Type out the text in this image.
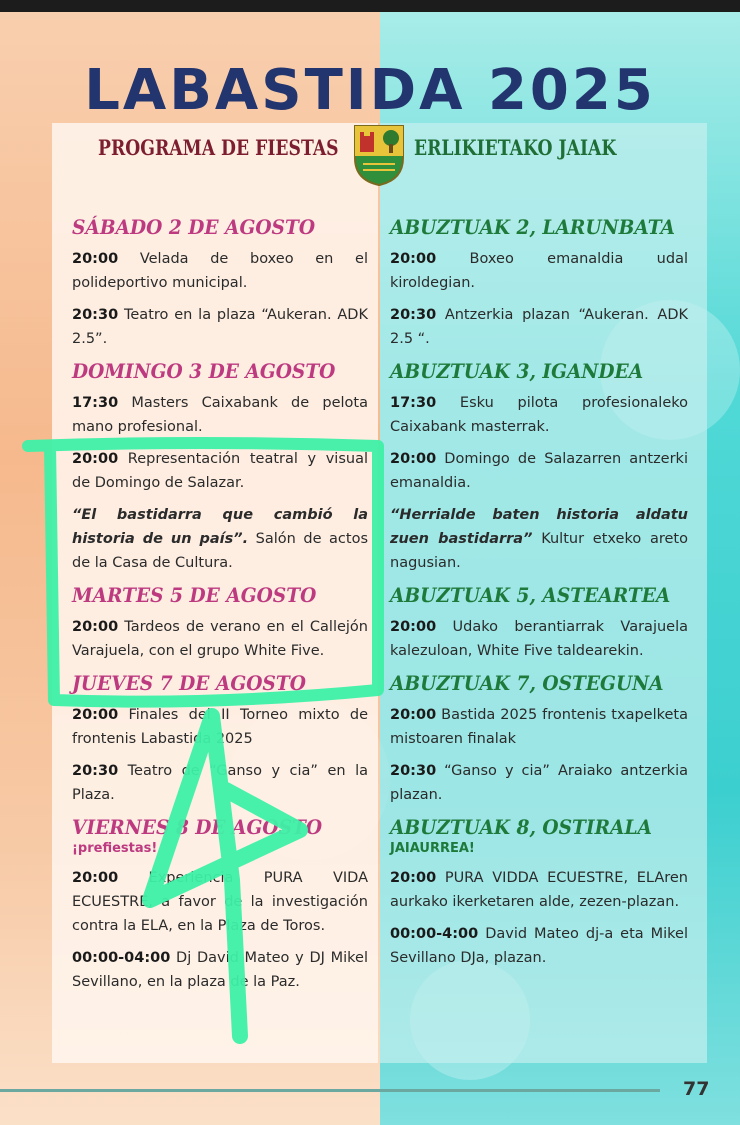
LABASTIDA 2025
PROGRAMA DE FIESTAS	ERLIKIETAKO JAIAK
SÁBADO 2 DE AGOSTO

20:00 Velada de boxeo en el polideportivo municipal.

20:30 Teatro en la plaza “Aukeran. ADK 2.5”.

DOMINGO 3 DE AGOSTO

17:30 Masters Caixabank de pelota mano profesional.

20:00 Representación teatral y visual de Domingo de Salazar.

“El bastidarra que cambió la historia de un país”. Salón de actos de la Casa de Cultura.

MARTES 5 DE AGOSTO

20:00 Tardeos de verano en el Callejón Varajuela, con el grupo White Five.

JUEVES 7 DE AGOSTO

20:00 Finales del II Torneo mixto de frontenis Labastida 2025

20:30 Teatro de “Ganso y cia” en la Plaza.

VIERNES 8 DE AGOSTO
¡prefiestas!

20:00 Experiencia PURA VIDA ECUESTRE, a favor de la investigación contra la ELA, en la Plaza de Toros.

00:00-04:00 Dj David Mateo y DJ Mikel Sevillano, en la plaza de la Paz.

ABUZTUAK 2, LARUNBATA

20:00 Boxeo emanaldia udal kiroldegian.

20:30 Antzerkia plazan “Aukeran. ADK 2.5 “.

ABUZTUAK 3, IGANDEA

17:30 Esku pilota profesionaleko Caixabank masterrak.

20:00 Domingo de Salazarren antzerki emanaldia.

“Herrialde baten historia aldatu zuen bastidarra” Kultur etxeko areto nagusian.

ABUZTUAK 5, ASTEARTEA

20:00 Udako berantiarrak Varajuela kalezuloan, White Five taldearekin.

ABUZTUAK 7, OSTEGUNA

20:00 Bastida 2025 frontenis txapelketa mistoaren finalak

20:30 “Ganso y cia” Araiako antzerkia plazan.

ABUZTUAK 8, OSTIRALA
JAIAURREA!

20:00 PURA VIDDA ECUESTRE, ELAren aurkako ikerketaren alde, zezen-plazan.

00:00-4:00 David Mateo dj-a eta Mikel Sevillano DJa, plazan.

77
